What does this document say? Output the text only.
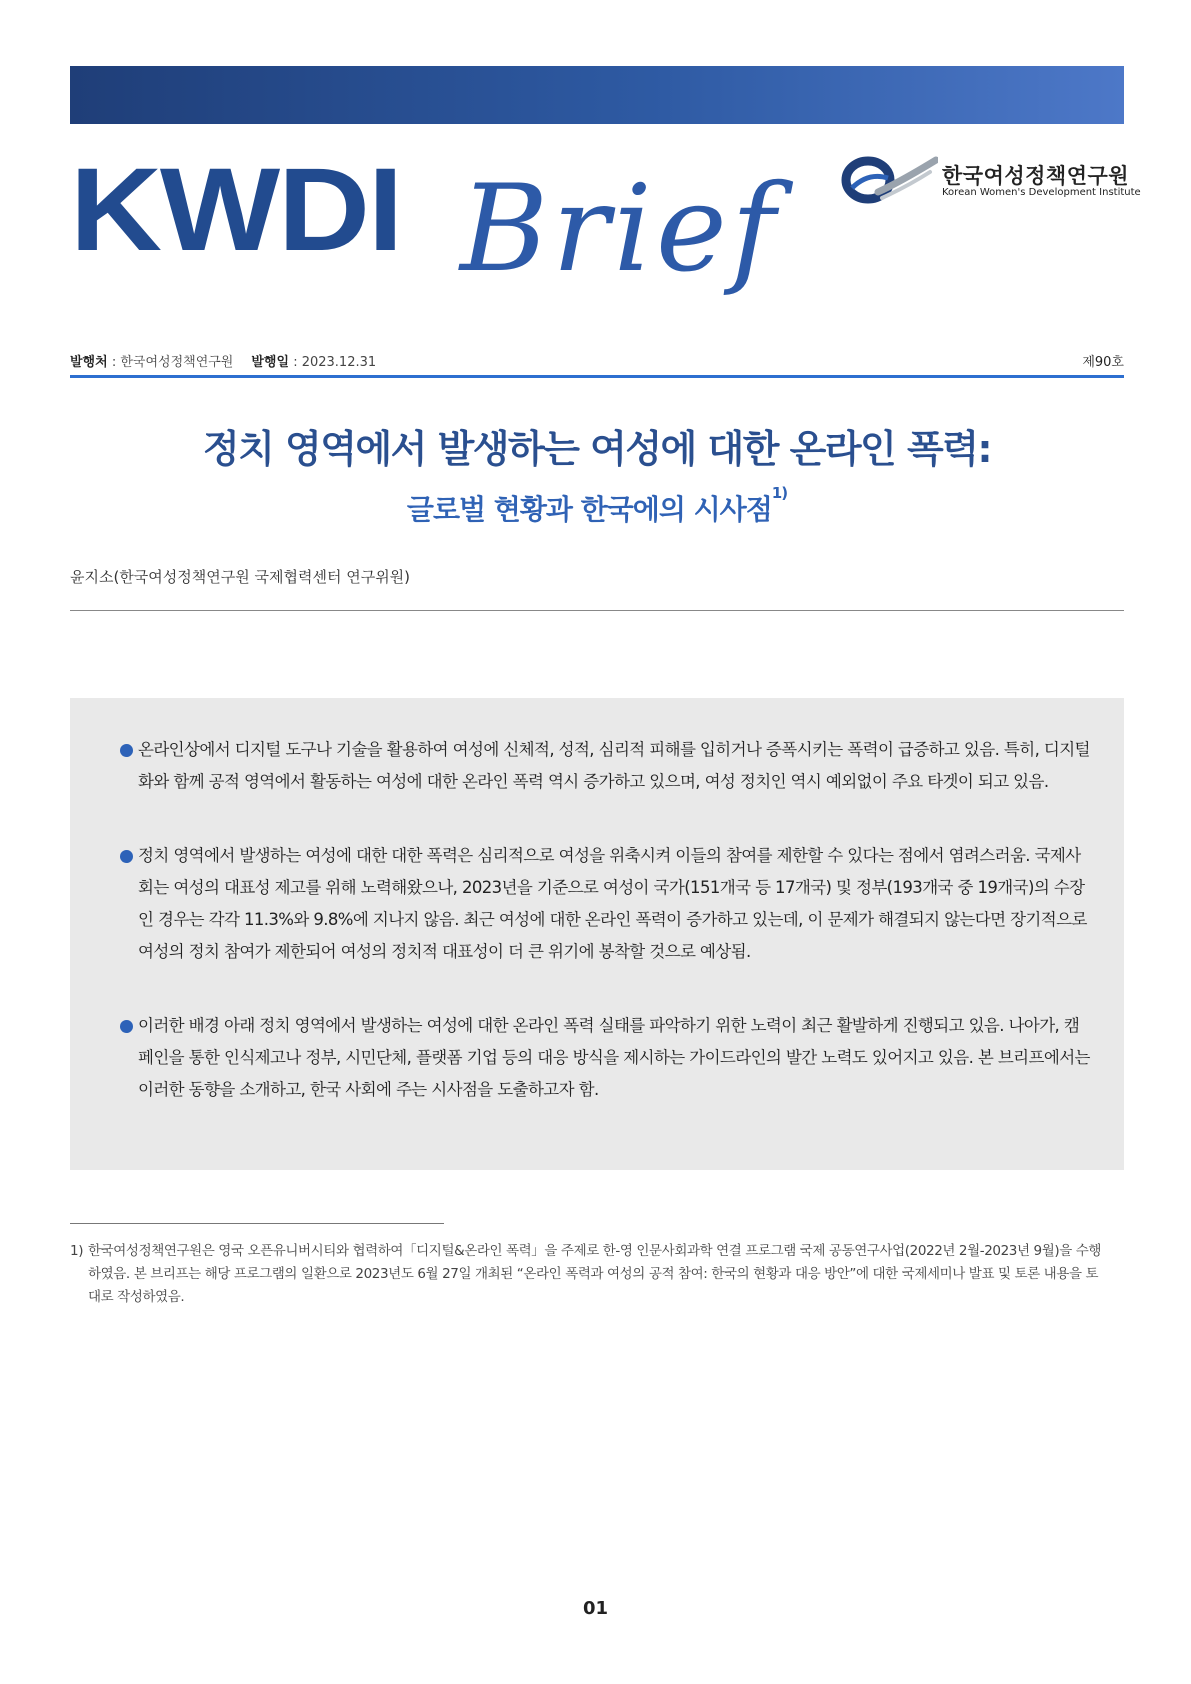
KWDI Brief	한국여성정책연구원
Korean Women's Development Institute
발행처 : 한국여성정책연구원 발행일 : 2023.12.31	제90호
정치 영역에서 발생하는 여성에 대한 온라인 폭력:
글로벌 현황과 한국에의 시사점$^{1)}$
윤지소(한국여성정책연구원 국제협력센터 연구위원)
온라인상에서 디지털 도구나 기술을 활용하여 여성에 신체적, 성적, 심리적 피해를 입히거나 증폭시키는 폭력이 급증하고 있음. 특히, 디지털화와 함께 공적 영역에서 활동하는 여성에 대한 온라인 폭력 역시 증가하고 있으며, 여성 정치인 역시 예외없이 주요 타겟이 되고 있음.
정치 영역에서 발생하는 여성에 대한 대한 폭력은 심리적으로 여성을 위축시켜 이들의 참여를 제한할 수 있다는 점에서 염려스러움. 국제사회는 여성의 대표성 제고를 위해 노력해왔으나, 2023년을 기준으로 여성이 국가(151개국 등 17개국) 및 정부(193개국 중 19개국)의 수장인 경우는 각각 11.3%와 9.8%에 지나지 않음. 최근 여성에 대한 온라인 폭력이 증가하고 있는데, 이 문제가 해결되지 않는다면 장기적으로 여성의 정치 참여가 제한되어 여성의 정치적 대표성이 더 큰 위기에 봉착할 것으로 예상됨.
이러한 배경 아래 정치 영역에서 발생하는 여성에 대한 온라인 폭력 실태를 파악하기 위한 노력이 최근 활발하게 진행되고 있음. 나아가, 캠페인을 통한 인식제고나 정부, 시민단체, 플랫폼 기업 등의 대응 방식을 제시하는 가이드라인의 발간 노력도 있어지고 있음. 본 브리프에서는 이러한 동향을 소개하고, 한국 사회에 주는 시사점을 도출하고자 함.
1) 한국여성정책연구원은 영국 오픈유니버시티와 협력하여「디지털&온라인 폭력」을 주제로 한-영 인문사회과학 연결 프로그램 국제 공동연구사업(2022년 2월-2023년 9월)을 수행하였음. 본 브리프는 해당 프로그램의 일환으로 2023년도 6월 27일 개최된 “온라인 폭력과 여성의 공적 참여: 한국의 현황과 대응 방안”에 대한 국제세미나 발표 및 토론 내용을 토대로 작성하였음.
01
